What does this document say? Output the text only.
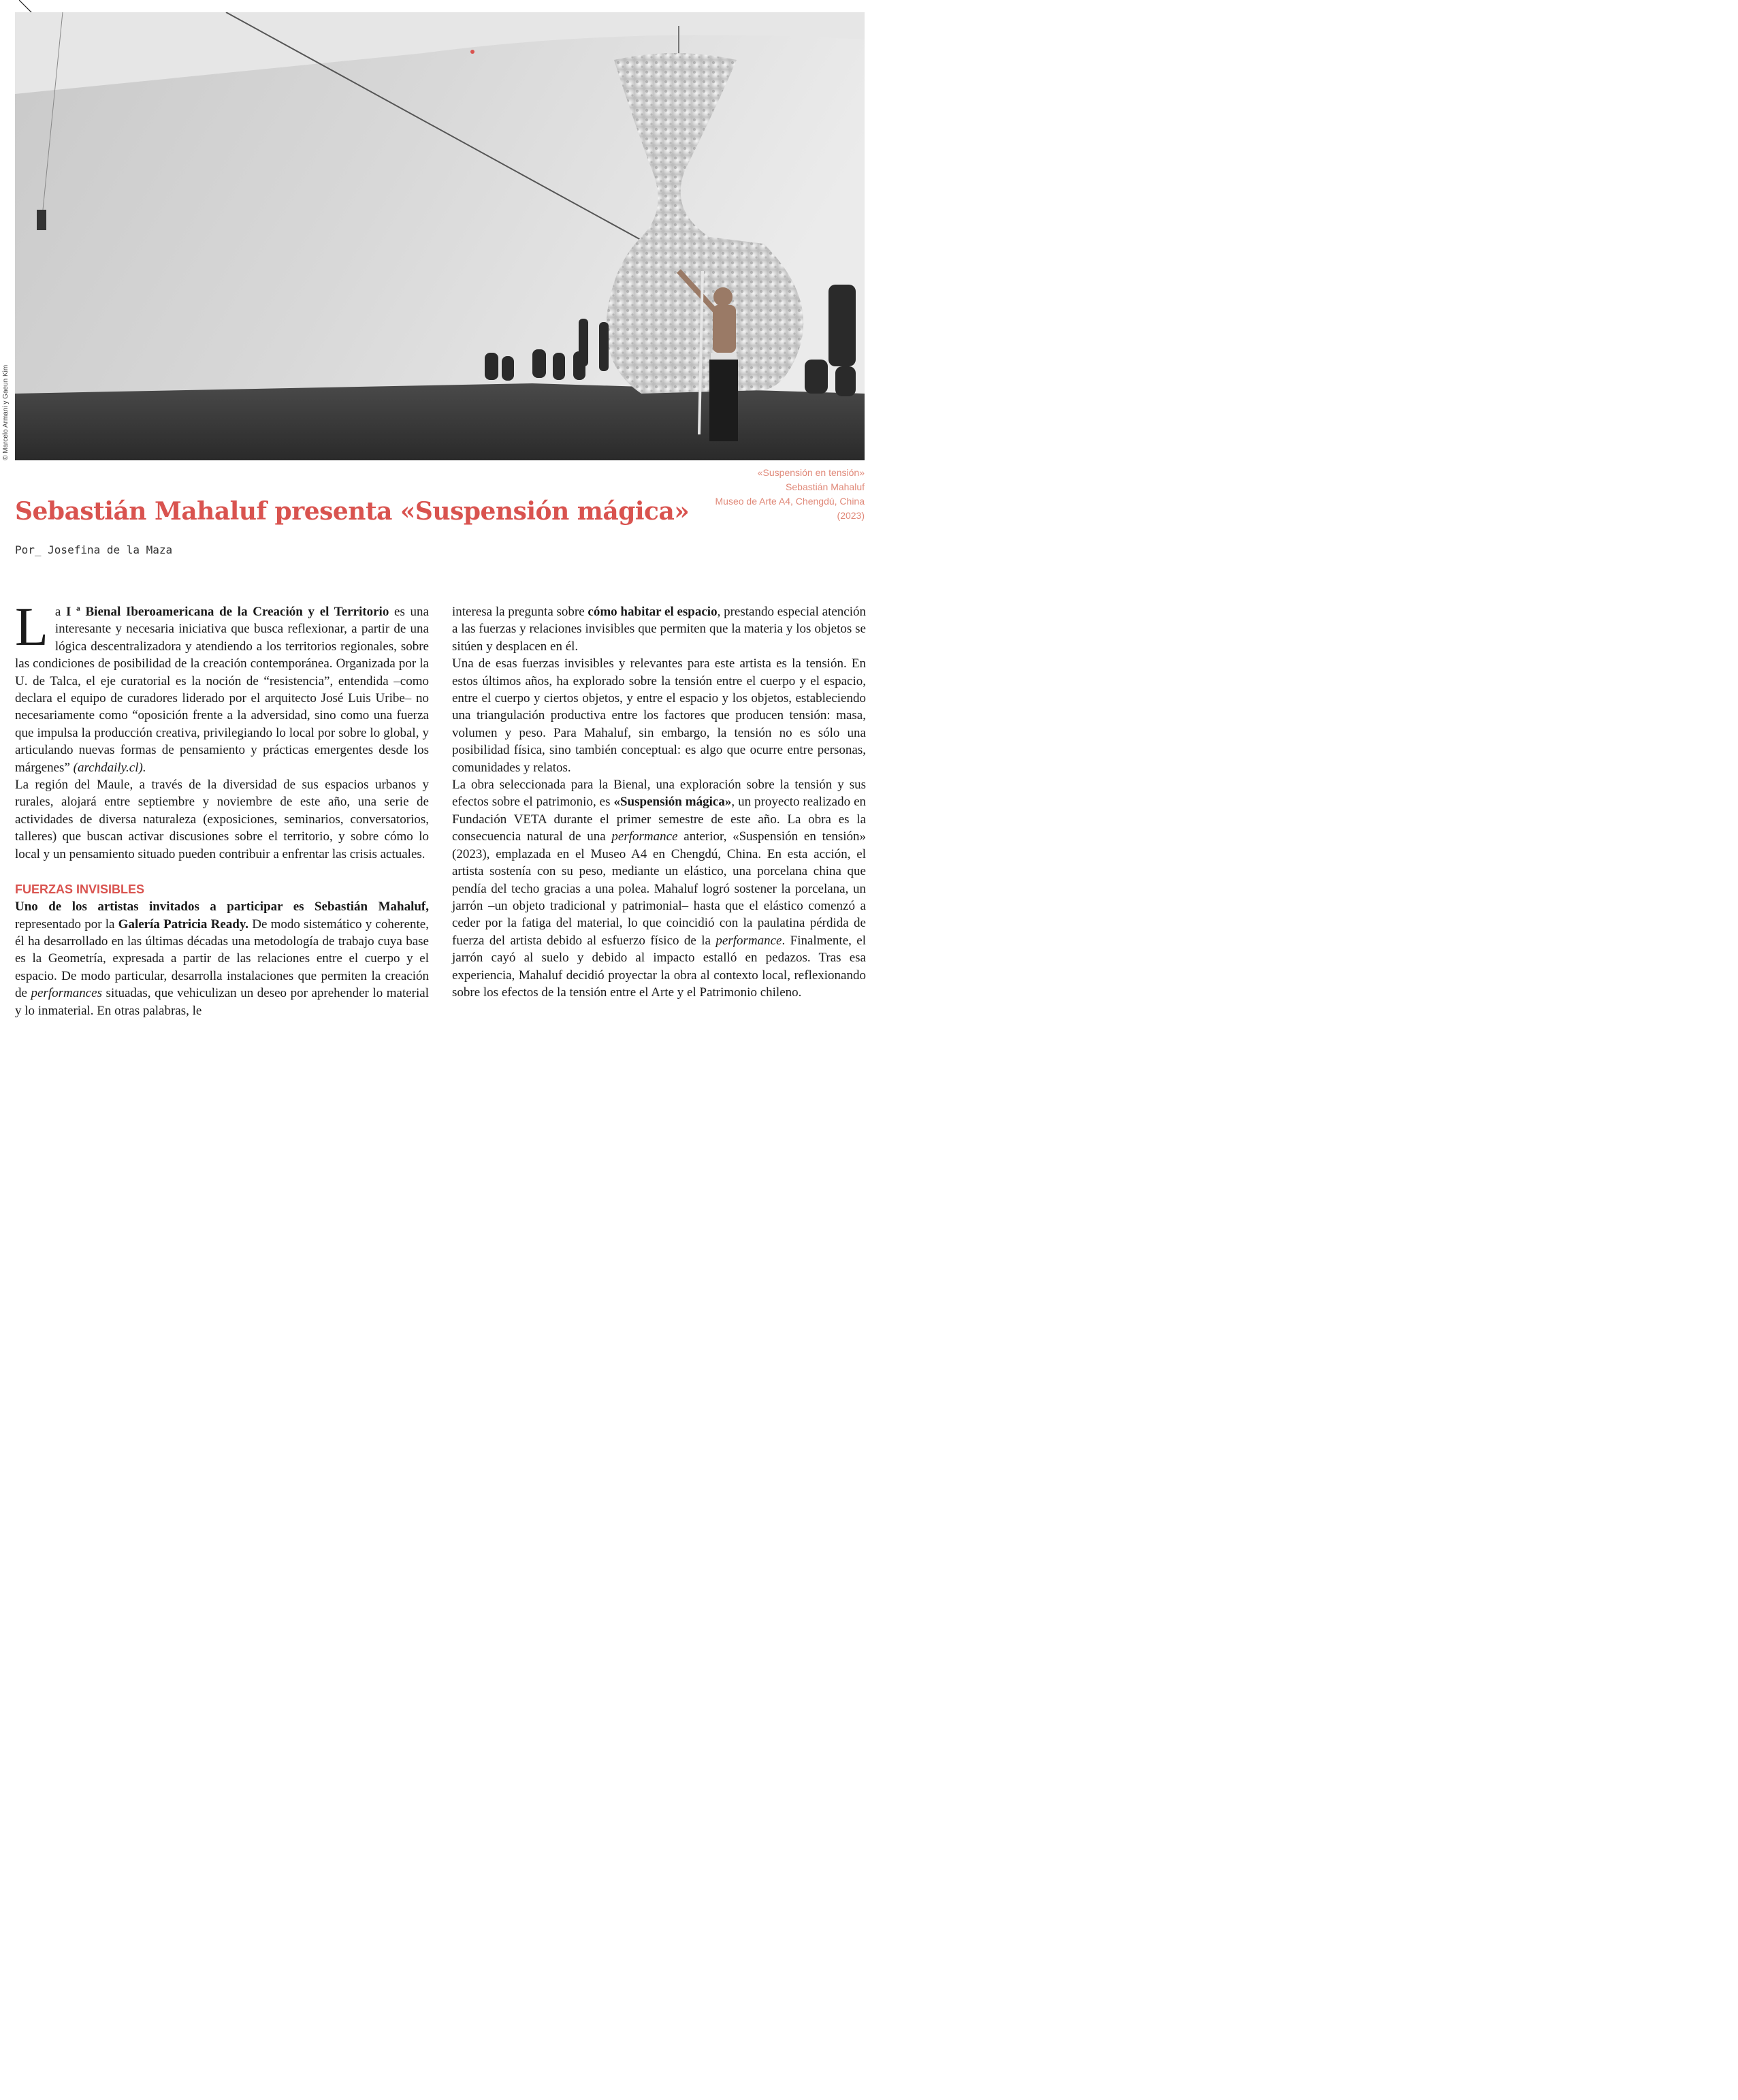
© Marcelo Armani y Gaeun Kim
«Suspensión en tensión»
Sebastián Mahaluf
Museo de Arte A4, Chengdú, China
(2023)
Sebastián Mahaluf presenta «Suspensión mágica»
Por_ Josefina de la Maza

La I ª Bienal Iberoamericana de la Creación y el Territorio es una interesante y necesaria iniciativa que busca reflexionar, a partir de una lógica descentralizadora y atendiendo a los territorios regionales, sobre las condiciones de posibilidad de la creación contemporánea. Organizada por la U. de Talca, el eje curatorial es la noción de “resistencia”, entendida –como declara el equipo de curadores liderado por el arquitecto José Luis Uribe– no necesariamente como “oposición frente a la adversidad, sino como una fuerza que impulsa la producción creativa, privilegiando lo local por sobre lo global, y articulando nuevas formas de pensamiento y prácticas emergentes desde los márgenes” (archdaily.cl).

La región del Maule, a través de la diversidad de sus espacios urbanos y rurales, alojará entre septiembre y noviembre de este año, una serie de actividades de diversa naturaleza (exposiciones, seminarios, conversatorios, talleres) que buscan activar discusiones sobre el territorio, y sobre cómo lo local y un pensamiento situado pueden contribuir a enfrentar las crisis actuales.

FUERZAS INVISIBLES

Uno de los artistas invitados a participar es Sebastián Mahaluf, representado por la Galería Patricia Ready. De modo sistemático y coherente, él ha desarrollado en las últimas décadas una metodología de trabajo cuya base es la Geometría, expresada a partir de las relaciones entre el cuerpo y el espacio. De modo particular, desarrolla instalaciones que permiten la creación de performances situadas, que vehiculizan un deseo por aprehender lo material y lo inmaterial. En otras palabras, le

interesa la pregunta sobre cómo habitar el espacio, prestando especial atención a las fuerzas y relaciones invisibles que permiten que la materia y los objetos se sitúen y desplacen en él.

Una de esas fuerzas invisibles y relevantes para este artista es la tensión. En estos últimos años, ha explorado sobre la tensión entre el cuerpo y el espacio, entre el cuerpo y ciertos objetos, y entre el espacio y los objetos, estableciendo una triangulación productiva entre los factores que producen tensión: masa, volumen y peso. Para Mahaluf, sin embargo, la tensión no es sólo una posibilidad física, sino también conceptual: es algo que ocurre entre personas, comunidades y relatos.

La obra seleccionada para la Bienal, una exploración sobre la tensión y sus efectos sobre el patrimonio, es «Suspensión mágica», un proyecto realizado en Fundación VETA durante el primer semestre de este año. La obra es la consecuencia natural de una performance anterior, «Suspensión en tensión» (2023), emplazada en el Museo A4 en Chengdú, China. En esta acción, el artista sostenía con su peso, mediante un elástico, una porcelana china que pendía del techo gracias a una polea. Mahaluf logró sostener la porcelana, un jarrón –un objeto tradicional y patrimonial– hasta que el elástico comenzó a ceder por la fatiga del material, lo que coincidió con la paulatina pérdida de fuerza del artista debido al esfuerzo físico de la performance. Finalmente, el jarrón cayó al suelo y debido al impacto estalló en pedazos. Tras esa experiencia, Mahaluf decidió proyectar la obra al contexto local, reflexionando sobre los efectos de la tensión entre el Arte y el Patrimonio chileno.
